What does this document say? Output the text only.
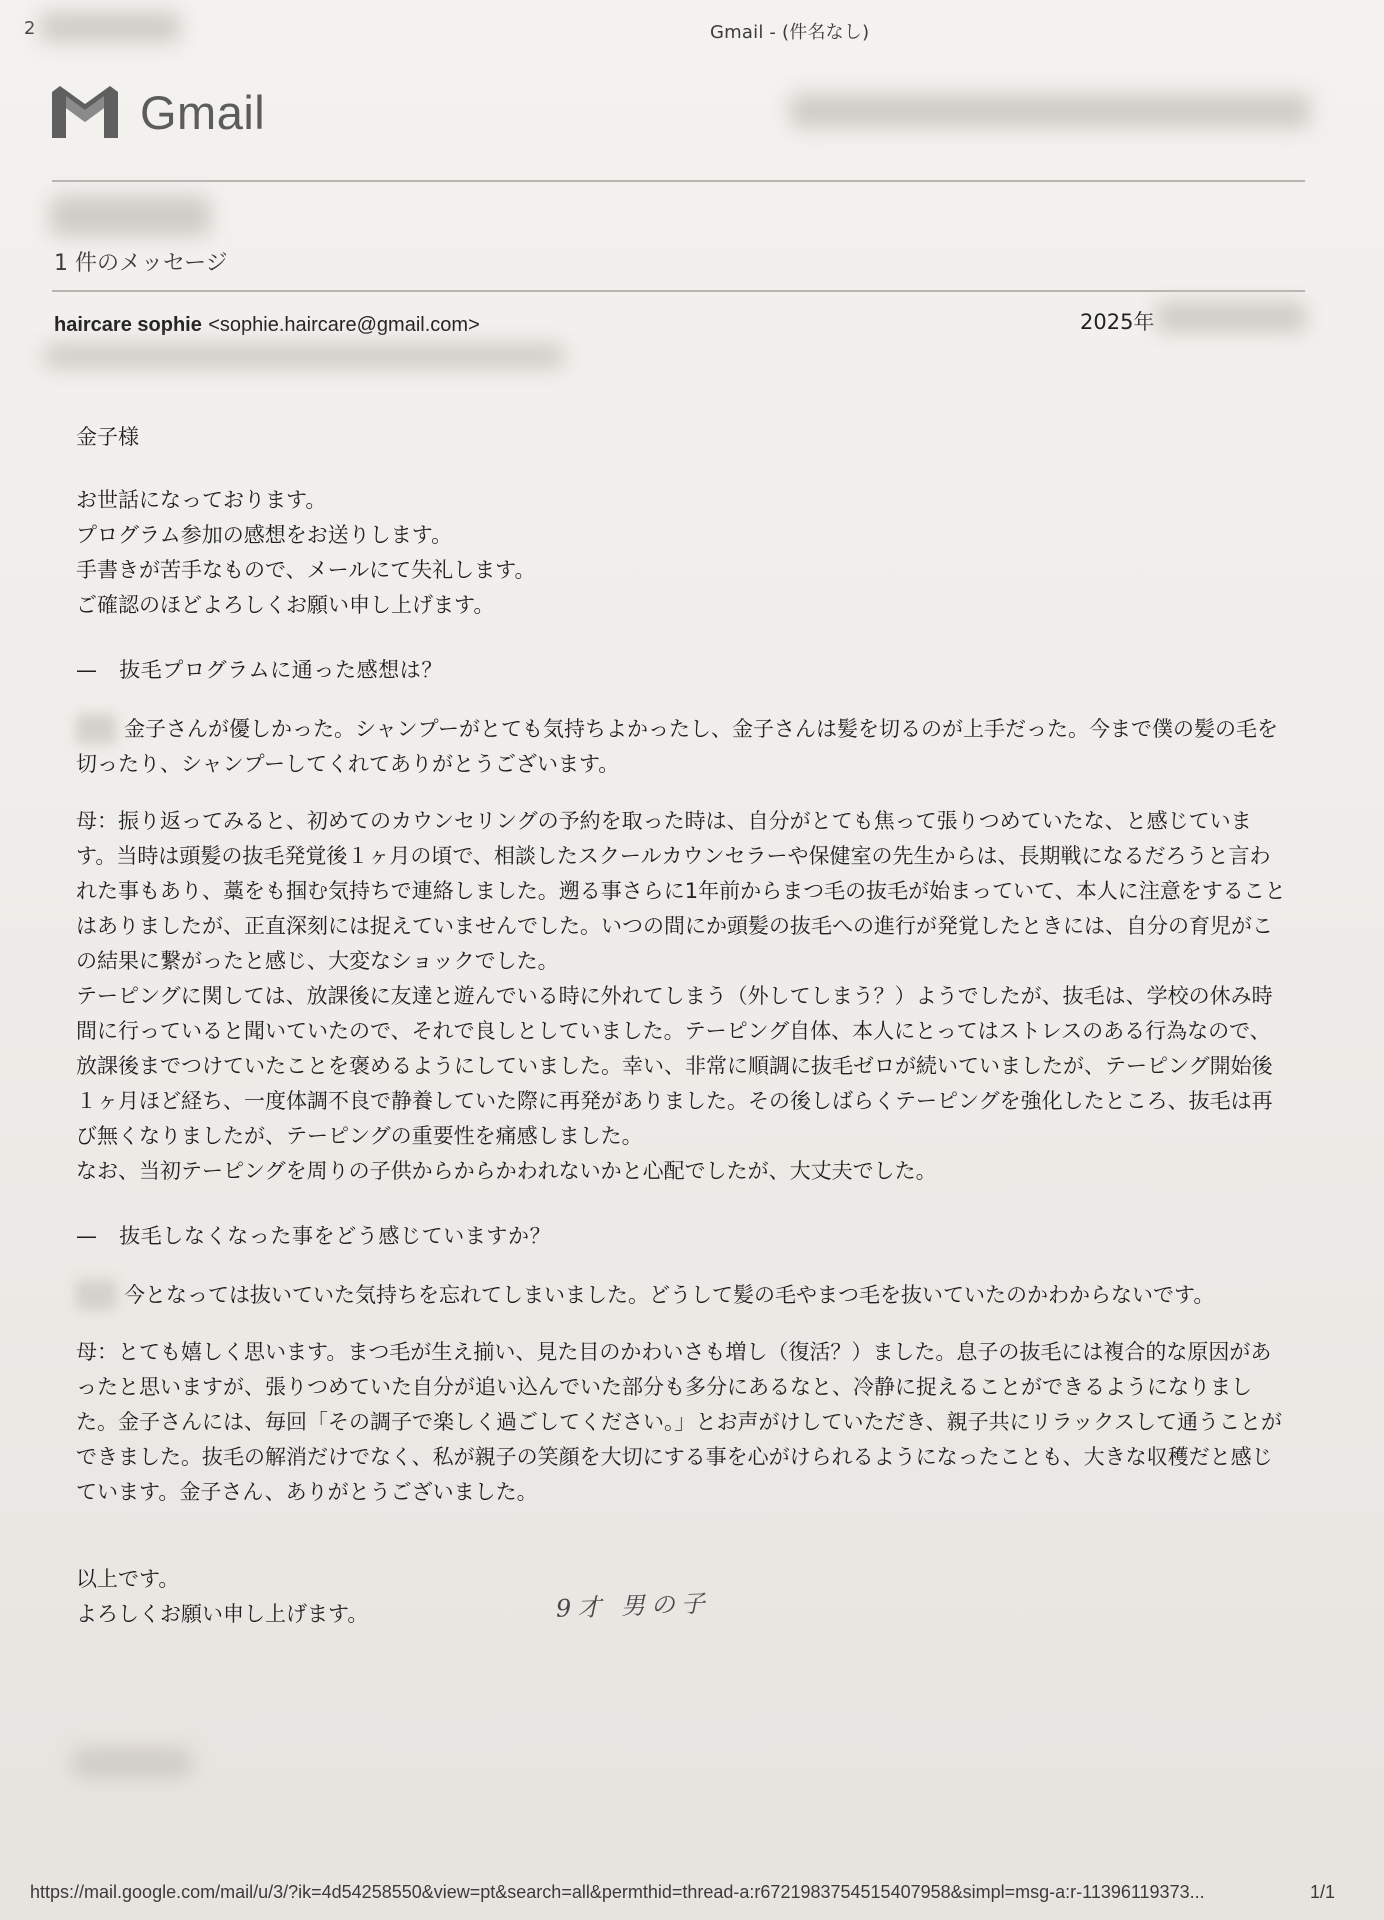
2	Gmail - (件名なし)
Gmail
1 件のメッセージ
haircare sophie <sophie.haircare@gmail.com>	2025年

金子様

お世話になっております。

プログラム参加の感想をお送りします。

手書きが苦手なもので、メールにて失礼します。

ご確認のほどよろしくお願い申し上げます。

—　抜毛プログラムに通った感想は？

金子さんが優しかった。シャンプーがとても気持ちよかったし、金子さんは髪を切るのが上手だった。今まで僕の髪の毛を切ったり、シャンプーしてくれてありがとうございます。

母：振り返ってみると、初めてのカウンセリングの予約を取った時は、自分がとても焦って張りつめていたな、と感じています。当時は頭髪の抜毛発覚後１ヶ月の頃で、相談したスクールカウンセラーや保健室の先生からは、長期戦になるだろうと言われた事もあり、藁をも掴む気持ちで連絡しました。遡る事さらに1年前からまつ毛の抜毛が始まっていて、本人に注意をすることはありましたが、正直深刻には捉えていませんでした。いつの間にか頭髪の抜毛への進行が発覚したときには、自分の育児がこの結果に繋がったと感じ、大変なショックでした。

テーピングに関しては、放課後に友達と遊んでいる時に外れてしまう（外してしまう？）ようでしたが、抜毛は、学校の休み時間に行っていると聞いていたので、それで良しとしていました。テーピング自体、本人にとってはストレスのある行為なので、放課後までつけていたことを褒めるようにしていました。幸い、非常に順調に抜毛ゼロが続いていましたが、テーピング開始後１ヶ月ほど経ち、一度体調不良で静養していた際に再発がありました。その後しばらくテーピングを強化したところ、抜毛は再び無くなりましたが、テーピングの重要性を痛感しました。

なお、当初テーピングを周りの子供からからかわれないかと心配でしたが、大丈夫でした。

—　抜毛しなくなった事をどう感じていますか？

今となっては抜いていた気持ちを忘れてしまいました。どうして髪の毛やまつ毛を抜いていたのかわからないです。

母：とても嬉しく思います。まつ毛が生え揃い、見た目のかわいさも増し（復活？）ました。息子の抜毛には複合的な原因があったと思いますが、張りつめていた自分が追い込んでいた部分も多分にあるなと、冷静に捉えることができるようになりました。金子さんには、毎回「その調子で楽しく過ごしてください。」とお声がけしていただき、親子共にリラックスして通うことができました。抜毛の解消だけでなく、私が親子の笑顔を大切にする事を心がけられるようになったことも、大きな収穫だと感じています。金子さん、ありがとうございました。

以上です。

よろしくお願い申し上げます。	9才 男の子

https://mail.google.com/mail/u/3/?ik=4d54258550&view=pt&search=all&permthid=thread-a:r6721983754515407958&simpl=msg-a:r-11396119373...	1/1
